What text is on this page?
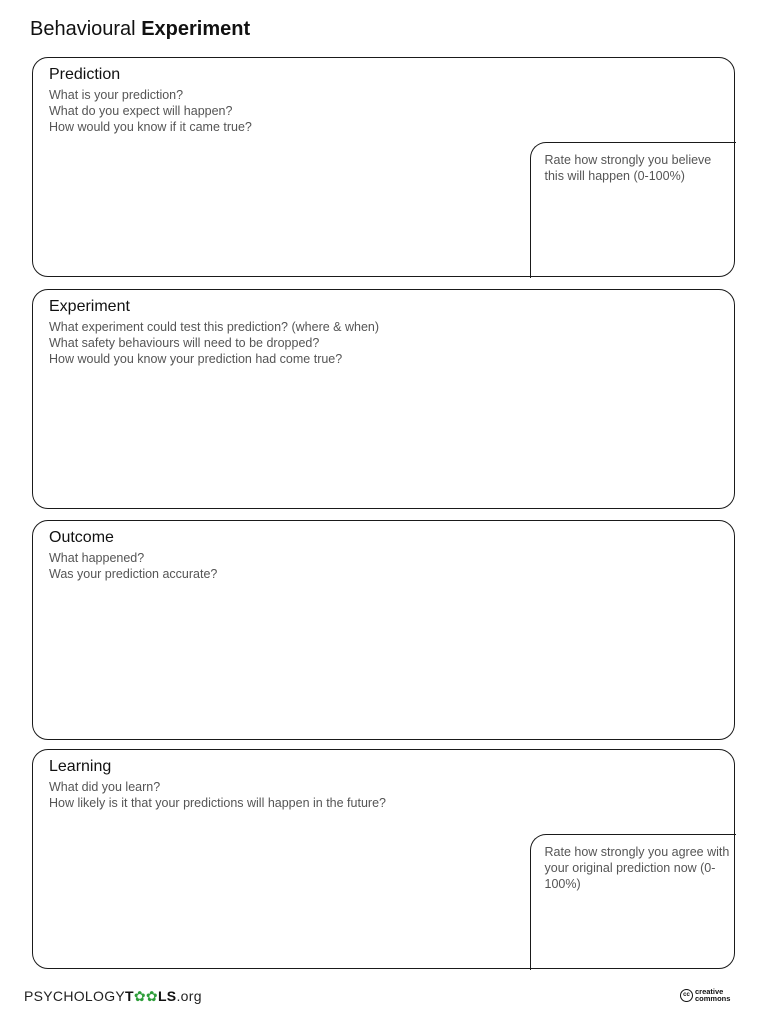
Behavioural Experiment
Prediction
What is your prediction?
What do you expect will happen?
How would you know if it came true?
Rate how strongly you believe this will happen (0-100%)
Experiment
What experiment could test this prediction? (where & when)
What safety behaviours will need to be dropped?
How would you know your prediction had come true?
Outcome
What happened?
Was your prediction accurate?
Learning
What did you learn?
How likely is it that your predictions will happen in the future?
Rate how strongly you agree with your original prediction now (0-100%)
PSYCHOLOGYT✿✿LS.org	cc creative
commons
